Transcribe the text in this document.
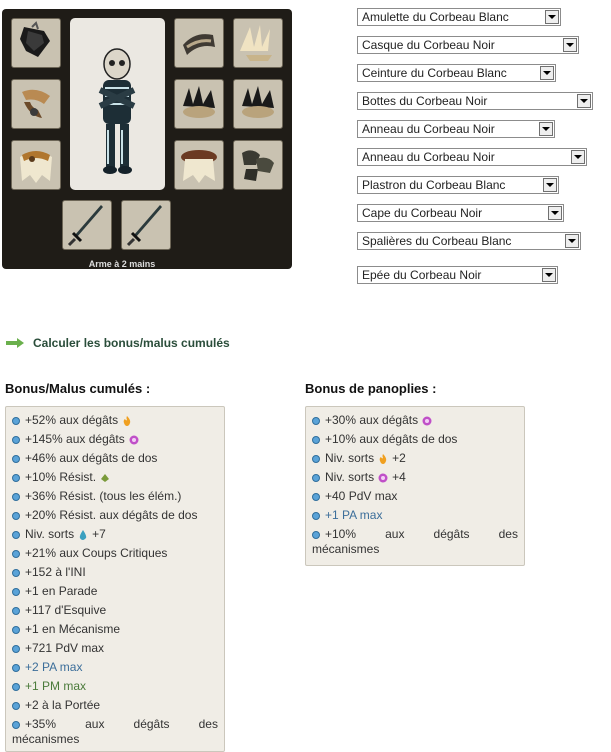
Arme à 2 mains
Amulette du Corbeau Blanc
Casque du Corbeau Noir
Ceinture du Corbeau Blanc
Bottes du Corbeau Noir
Anneau du Corbeau Noir
Anneau du Corbeau Noir
Plastron du Corbeau Blanc
Cape du Corbeau Noir
Spalières du Corbeau Blanc
Epée du Corbeau Noir
Calculer les bonus/malus cumulés
Bonus/Malus cumulés :
+52% aux dégâts
+145% aux dégâts
+46% aux dégâts de dos
+10% Résist.
+36% Résist. (tous les élém.)
+20% Résist. aux dégâts de dos
Niv. sorts +7
+21% aux Coups Critiques
+152 à l'INI
+1 en Parade
+117 d'Esquive
+1 en Mécanisme
+721 PdV max
+2 PA max
+1 PM max
+2 à la Portée
+35% aux dégâts des
mécanismes
Bonus de panoplies :
+30% aux dégâts
+10% aux dégâts de dos
Niv. sorts +2
Niv. sorts +4
+40 PdV max
+1 PA max
+10% aux dégâts des
mécanismes
